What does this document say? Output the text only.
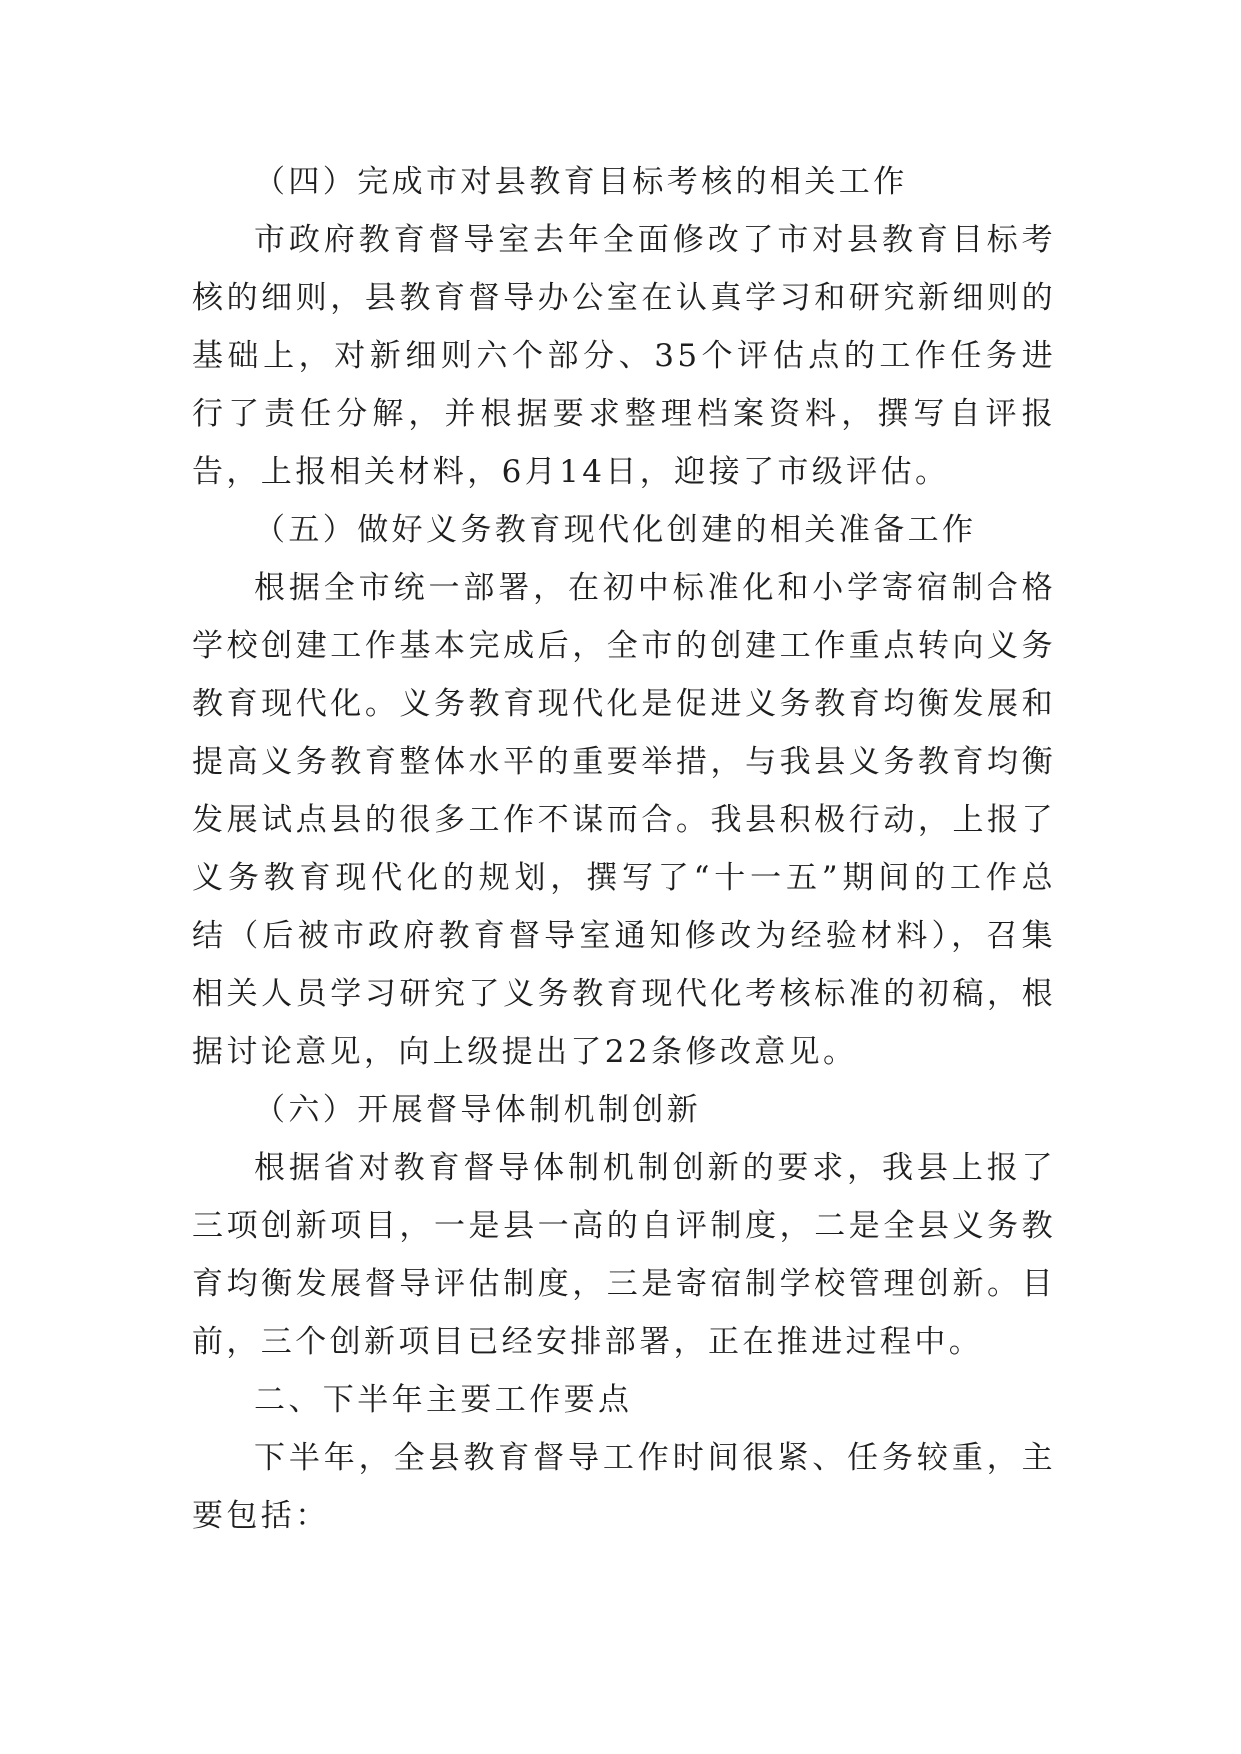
（四）完成市对县教育目标考核的相关工作

市政府教育督导室去年全面修改了市对县教育目标考核的细则，县教育督导办公室在认真学习和研究新细则的基础上，对新细则六个部分、35个评估点的工作任务进行了责任分解，并根据要求整理档案资料，撰写自评报告，上报相关材料，6月14日，迎接了市级评估。

（五）做好义务教育现代化创建的相关准备工作

根据全市统一部署，在初中标准化和小学寄宿制合格学校创建工作基本完成后，全市的创建工作重点转向义务教育现代化。义务教育现代化是促进义务教育均衡发展和提高义务教育整体水平的重要举措，与我县义务教育均衡发展试点县的很多工作不谋而合。我县积极行动，上报了义务教育现代化的规划，撰写了“十一五”期间的工作总结（后被市政府教育督导室通知修改为经验材料），召集相关人员学习研究了义务教育现代化考核标准的初稿，根据讨论意见，向上级提出了22条修改意见。

（六）开展督导体制机制创新

根据省对教育督导体制机制创新的要求，我县上报了三项创新项目，一是县一高的自评制度，二是全县义务教育均衡发展督导评估制度，三是寄宿制学校管理创新。目前，三个创新项目已经安排部署，正在推进过程中。

二、下半年主要工作要点

下半年，全县教育督导工作时间很紧、任务较重，主要包括：
